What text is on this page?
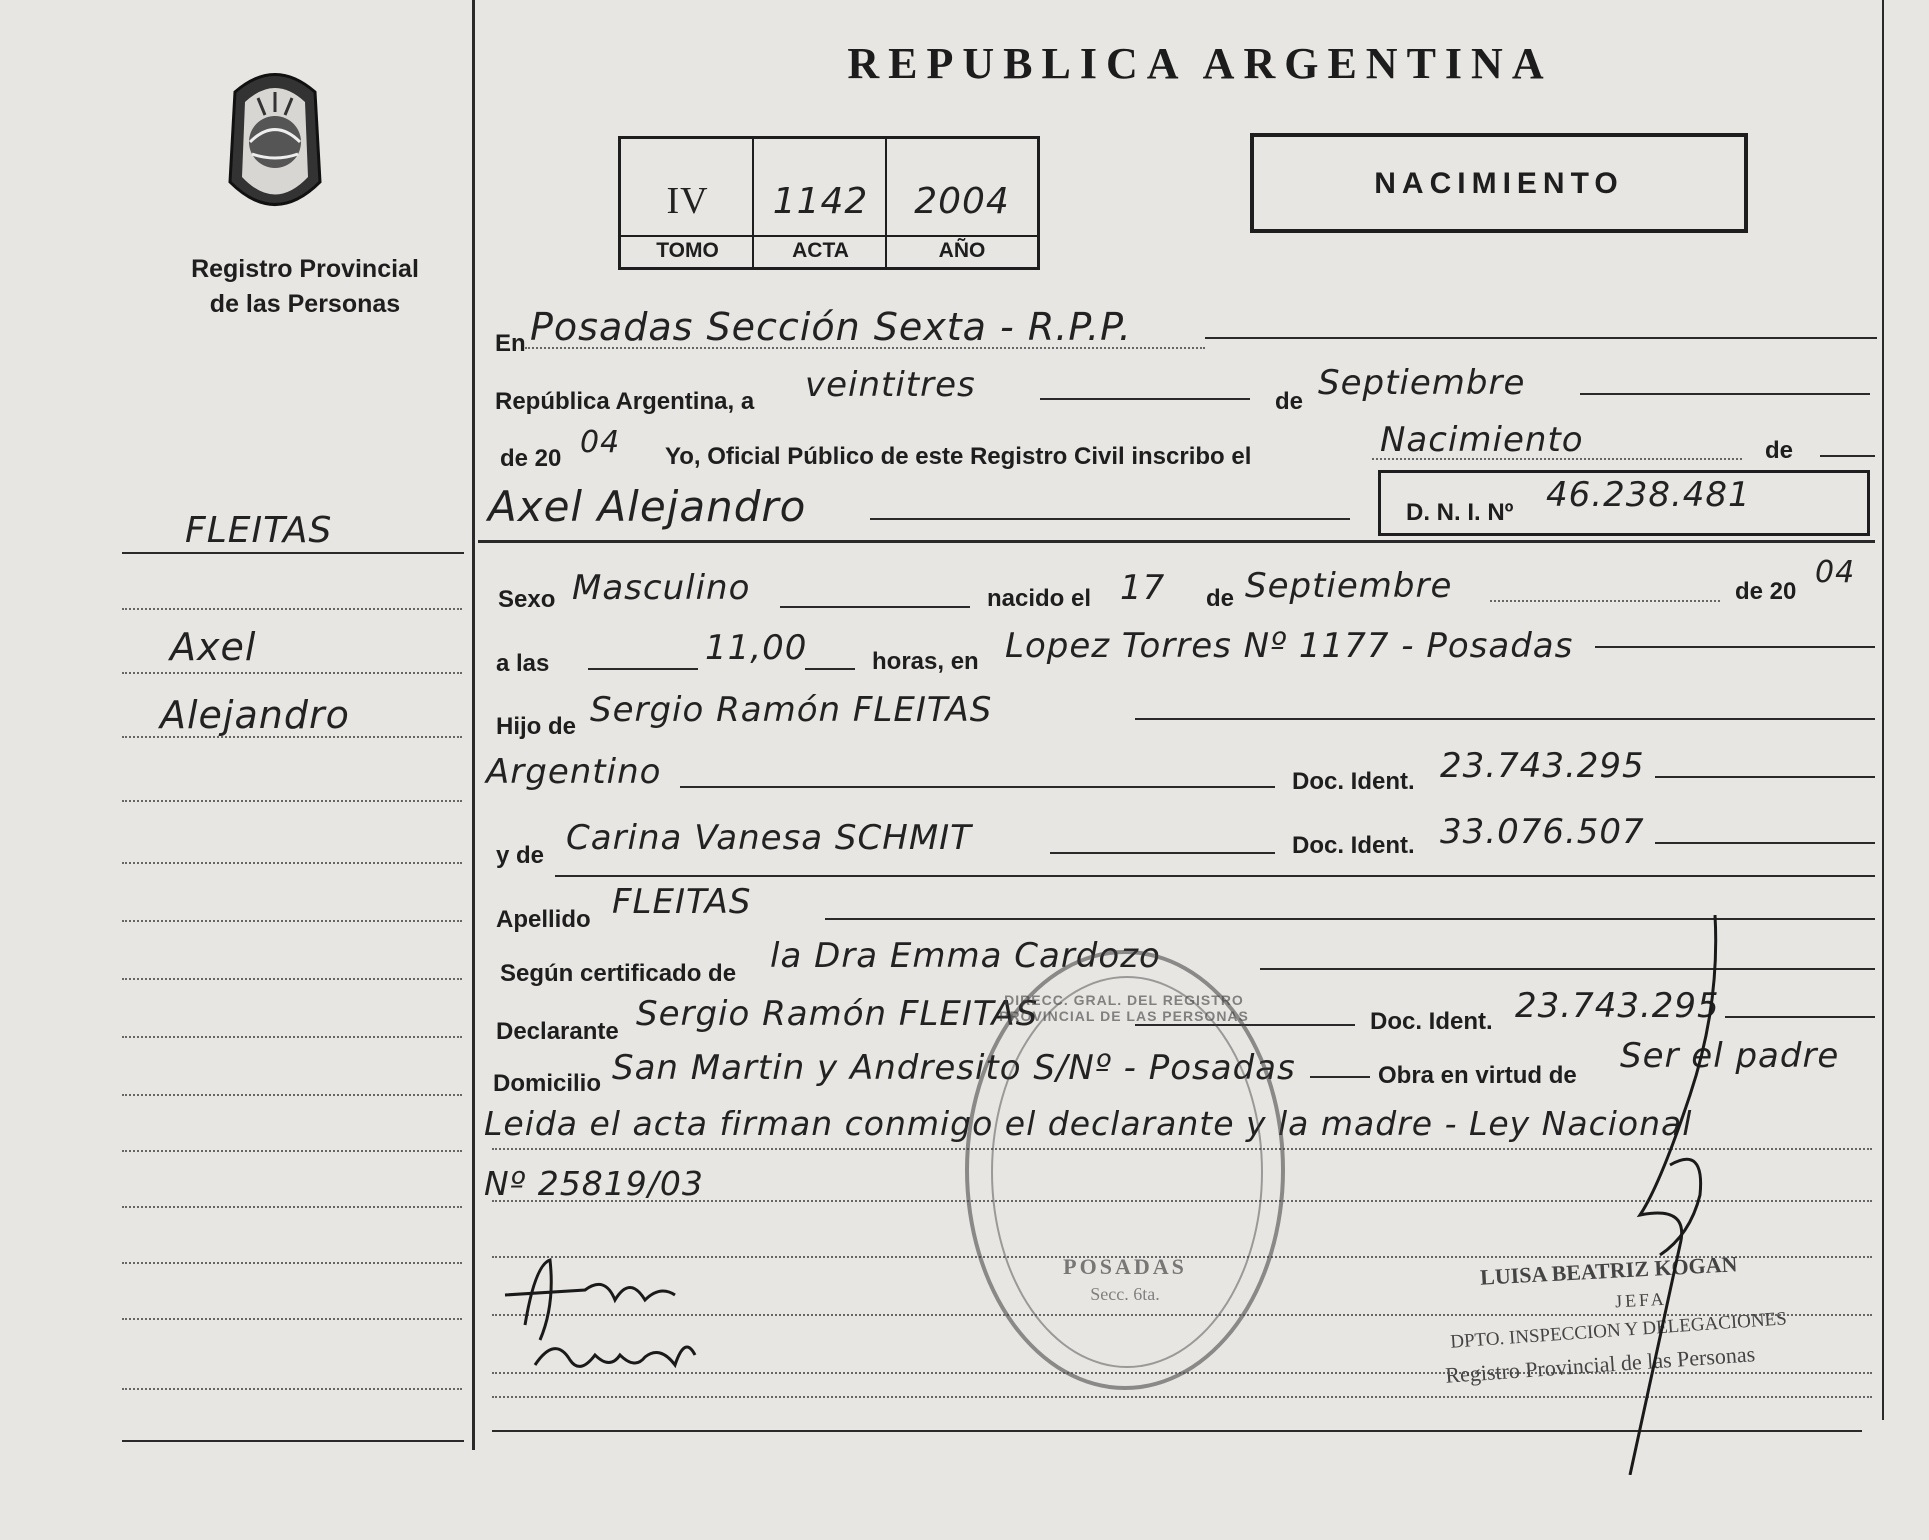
Registro Provincial
de las Personas
FLEITAS
Axel
Alejandro
REPUBLICA ARGENTINA
IV	1142	2004
TOMO	ACTA	AÑO
NACIMIENTO
En Posadas Sección Sexta - R.P.P.
República Argentina, a veintitres	de Septiembre
de 20 04 Yo, Oficial Público de este Registro Civil inscribo el	Nacimiento	de
Axel Alejandro	D. N. I. Nº 46.238.481
Sexo Masculino	nacido el 17 de Septiembre	de 20
04
a las	11,00	horas, en Lopez Torres Nº 1177 - Posadas
Hijo de Sergio Ramón FLEITAS
Argentino	Doc. Ident. 23.743.295
y de Carina Vanesa SCHMIT	Doc. Ident. 33.076.507
Apellido FLEITAS
Según certificado de la Dra Emma Cardozo
Declarante Sergio Ramón FLEITAS	Doc. Ident. 23.743.295
Domicilio San Martin y Andresito S/Nº - Posadas	Obra en virtud de Ser el padre
Leida el acta firman conmigo el declarante y la madre - Ley Nacional
Nº 25819/03
DIRECC. GRAL. DEL REGISTRO PROVINCIAL DE LAS PERSONAS
POSADAS
Secc. 6ta.
LUISA BEATRIZ KOGAN
JEFA
DPTO. INSPECCION Y DELEGACIONES
Registro Provincial de las Personas
